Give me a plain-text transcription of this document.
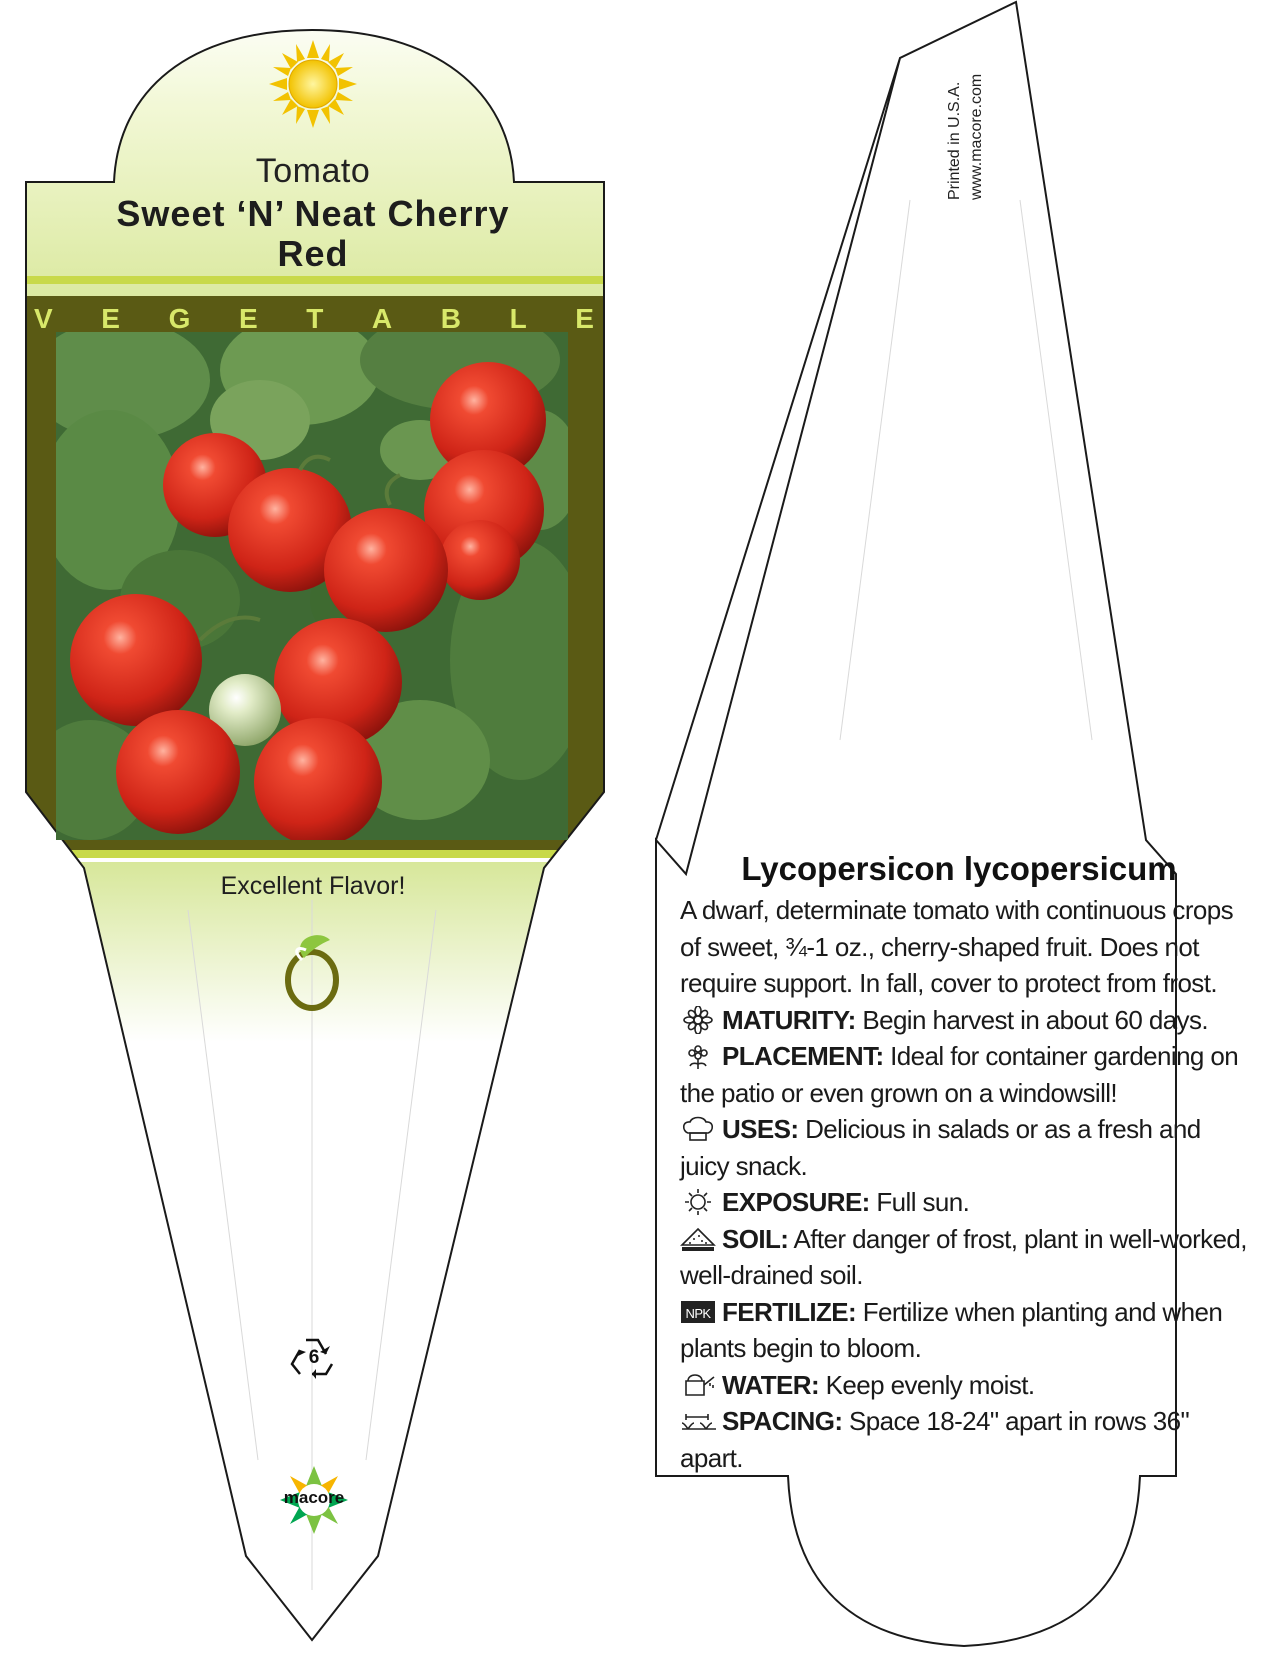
Tomato
Sweet ‘N’ Neat Cherry
Red
V E G E T A B L E
Excellent Flavor!
6
macore
Printed in U.S.A. www.macore.com
Lycopersicon lycopersicum

A dwarf, determinate tomato with continuous crops of sweet, ¾-1 oz., cherry-shaped fruit. Does not require support. In fall, cover to protect from frost.

MATURITY: Begin harvest in about 60 days.

PLACEMENT: Ideal for container gardening on the patio or even grown on a windowsill!

USES: Delicious in salads or as a fresh and juicy snack.

EXPOSURE: Full sun.

SOIL: After danger of frost, plant in well-worked, well-drained soil.

NPK FERTILIZE: Fertilize when planting and when plants begin to bloom.

WATER: Keep evenly moist.

SPACING: Space 18-24" apart in rows 36" apart.
